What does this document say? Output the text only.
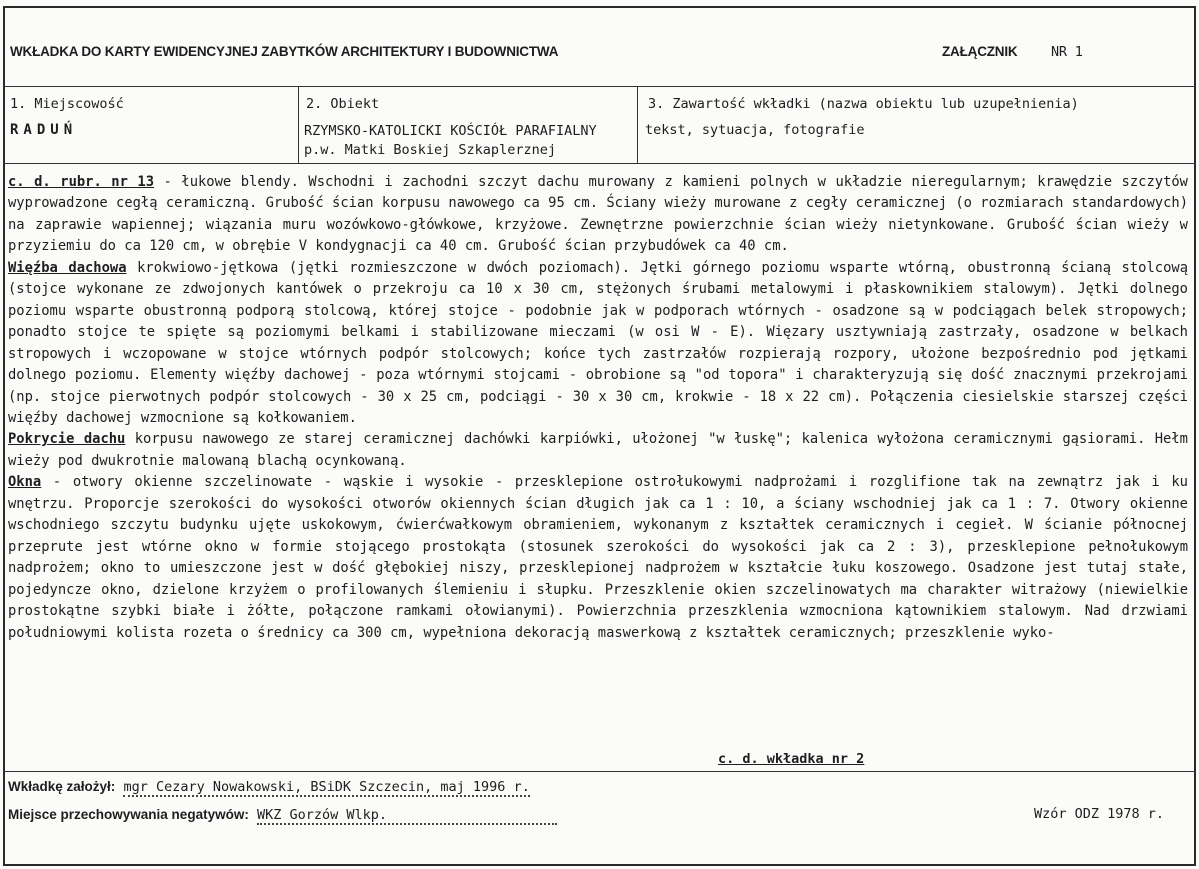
WKŁADKA DO KARTY EWIDENCYJNEJ ZABYTKÓW ARCHITEKTURY I BUDOWNICTWA	ZAŁĄCZNIK NR 1
1. Miejscowość
RADUŃ
2. Obiekt
RZYMSKO-KATOLICKI KOŚCIÓŁ PARAFIALNY
p.w. Matki Boskiej Szkaplerznej
3. Zawartość wkładki (nazwa obiektu lub uzupełnienia)
tekst, sytuacja, fotografie

c. d. rubr. nr 13 - łukowe blendy. Wschodni i zachodni szczyt dachu murowany z kamieni polnych w układzie nieregularnym; krawędzie szczytów wyprowadzone cegłą ceramiczną. Grubość ścian korpusu nawowego ca 95 cm. Ściany wieży murowane z cegły ceramicznej (o rozmiarach standardowych) na zaprawie wapiennej; wiązania muru wozówkowo-główkowe, krzyżowe. Zewnętrzne powierzchnie ścian wieży nietynkowane. Grubość ścian wieży w przyziemiu do ca 120 cm, w obrębie V kondygnacji ca 40 cm. Grubość ścian przybudówek ca 40 cm.

Więźba dachowa krokwiowo-jętkowa (jętki rozmieszczone w dwóch poziomach). Jętki górnego poziomu wsparte wtórną, obustronną ścianą stolcową (stojce wykonane ze zdwojonych kantówek o przekroju ca 10 x 30 cm, stężonych śrubami metalowymi i płaskownikiem stalowym). Jętki dolnego poziomu wsparte obustronną podporą stolcową, której stojce - podobnie jak w podporach wtórnych - osadzone są w podciągach belek stropowych; ponadto stojce te spięte są poziomymi belkami i stabilizowane mieczami (w osi W - E). Więzary usztywniają zastrzały, osadzone w belkach stropowych i wczopowane w stojce wtórnych podpór stolcowych; końce tych zastrzałów rozpierają rozpory, ułożone bezpośrednio pod jętkami dolnego poziomu. Elementy więźby dachowej - poza wtórnymi stojcami - obrobione są "od topora" i charakteryzują się dość znacznymi przekrojami (np. stojce pierwotnych podpór stolcowych - 30 x 25 cm, podciągi - 30 x 30 cm, krokwie - 18 x 22 cm). Połączenia ciesielskie starszej części więźby dachowej wzmocnione są kołkowaniem.

Pokrycie dachu korpusu nawowego ze starej ceramicznej dachówki karpiówki, ułożonej "w łuskę"; kalenica wyłożona ceramicznymi gąsiorami. Hełm wieży pod dwukrotnie malowaną blachą ocynkowaną.

Okna - otwory okienne szczelinowate - wąskie i wysokie - przesklepione ostrołukowymi nadprożami i rozglifione tak na zewnątrz jak i ku wnętrzu. Proporcje szerokości do wysokości otworów okiennych ścian długich jak ca 1 : 10, a ściany wschodniej jak ca 1 : 7. Otwory okienne wschodniego szczytu budynku ujęte uskokowym, ćwierćwałkowym obramieniem, wykonanym z kształtek ceramicznych i cegieł. W ścianie północnej przeprute jest wtórne okno w formie stojącego prostokąta (stosunek szerokości do wysokości jak ca 2 : 3), przesklepione pełnołukowym nadprożem; okno to umieszczone jest w dość głębokiej niszy, przesklepionej nadprożem w kształcie łuku koszowego. Osadzone jest tutaj stałe, pojedyncze okno, dzielone krzyżem o profilowanych ślemieniu i słupku. Przeszklenie okien szczelinowatych ma charakter witrażowy (niewielkie prostokątne szybki białe i żółte, połączone ramkami ołowianymi). Powierzchnia przeszklenia wzmocniona kątownikiem stalowym. Nad drzwiami południowymi kolista rozeta o średnicy ca 300 cm, wypełniona dekoracją maswerkową z kształtek ceramicznych; przeszklenie wyko-

c. d. wkładka nr 2
Wkładkę założył: mgr Cezary Nowakowski, BSiDK Szczecin, maj 1996 r.
Miejsce przechowywania negatywów: WKZ Gorzów Wlkp.	Wzór ODZ 1978 r.
